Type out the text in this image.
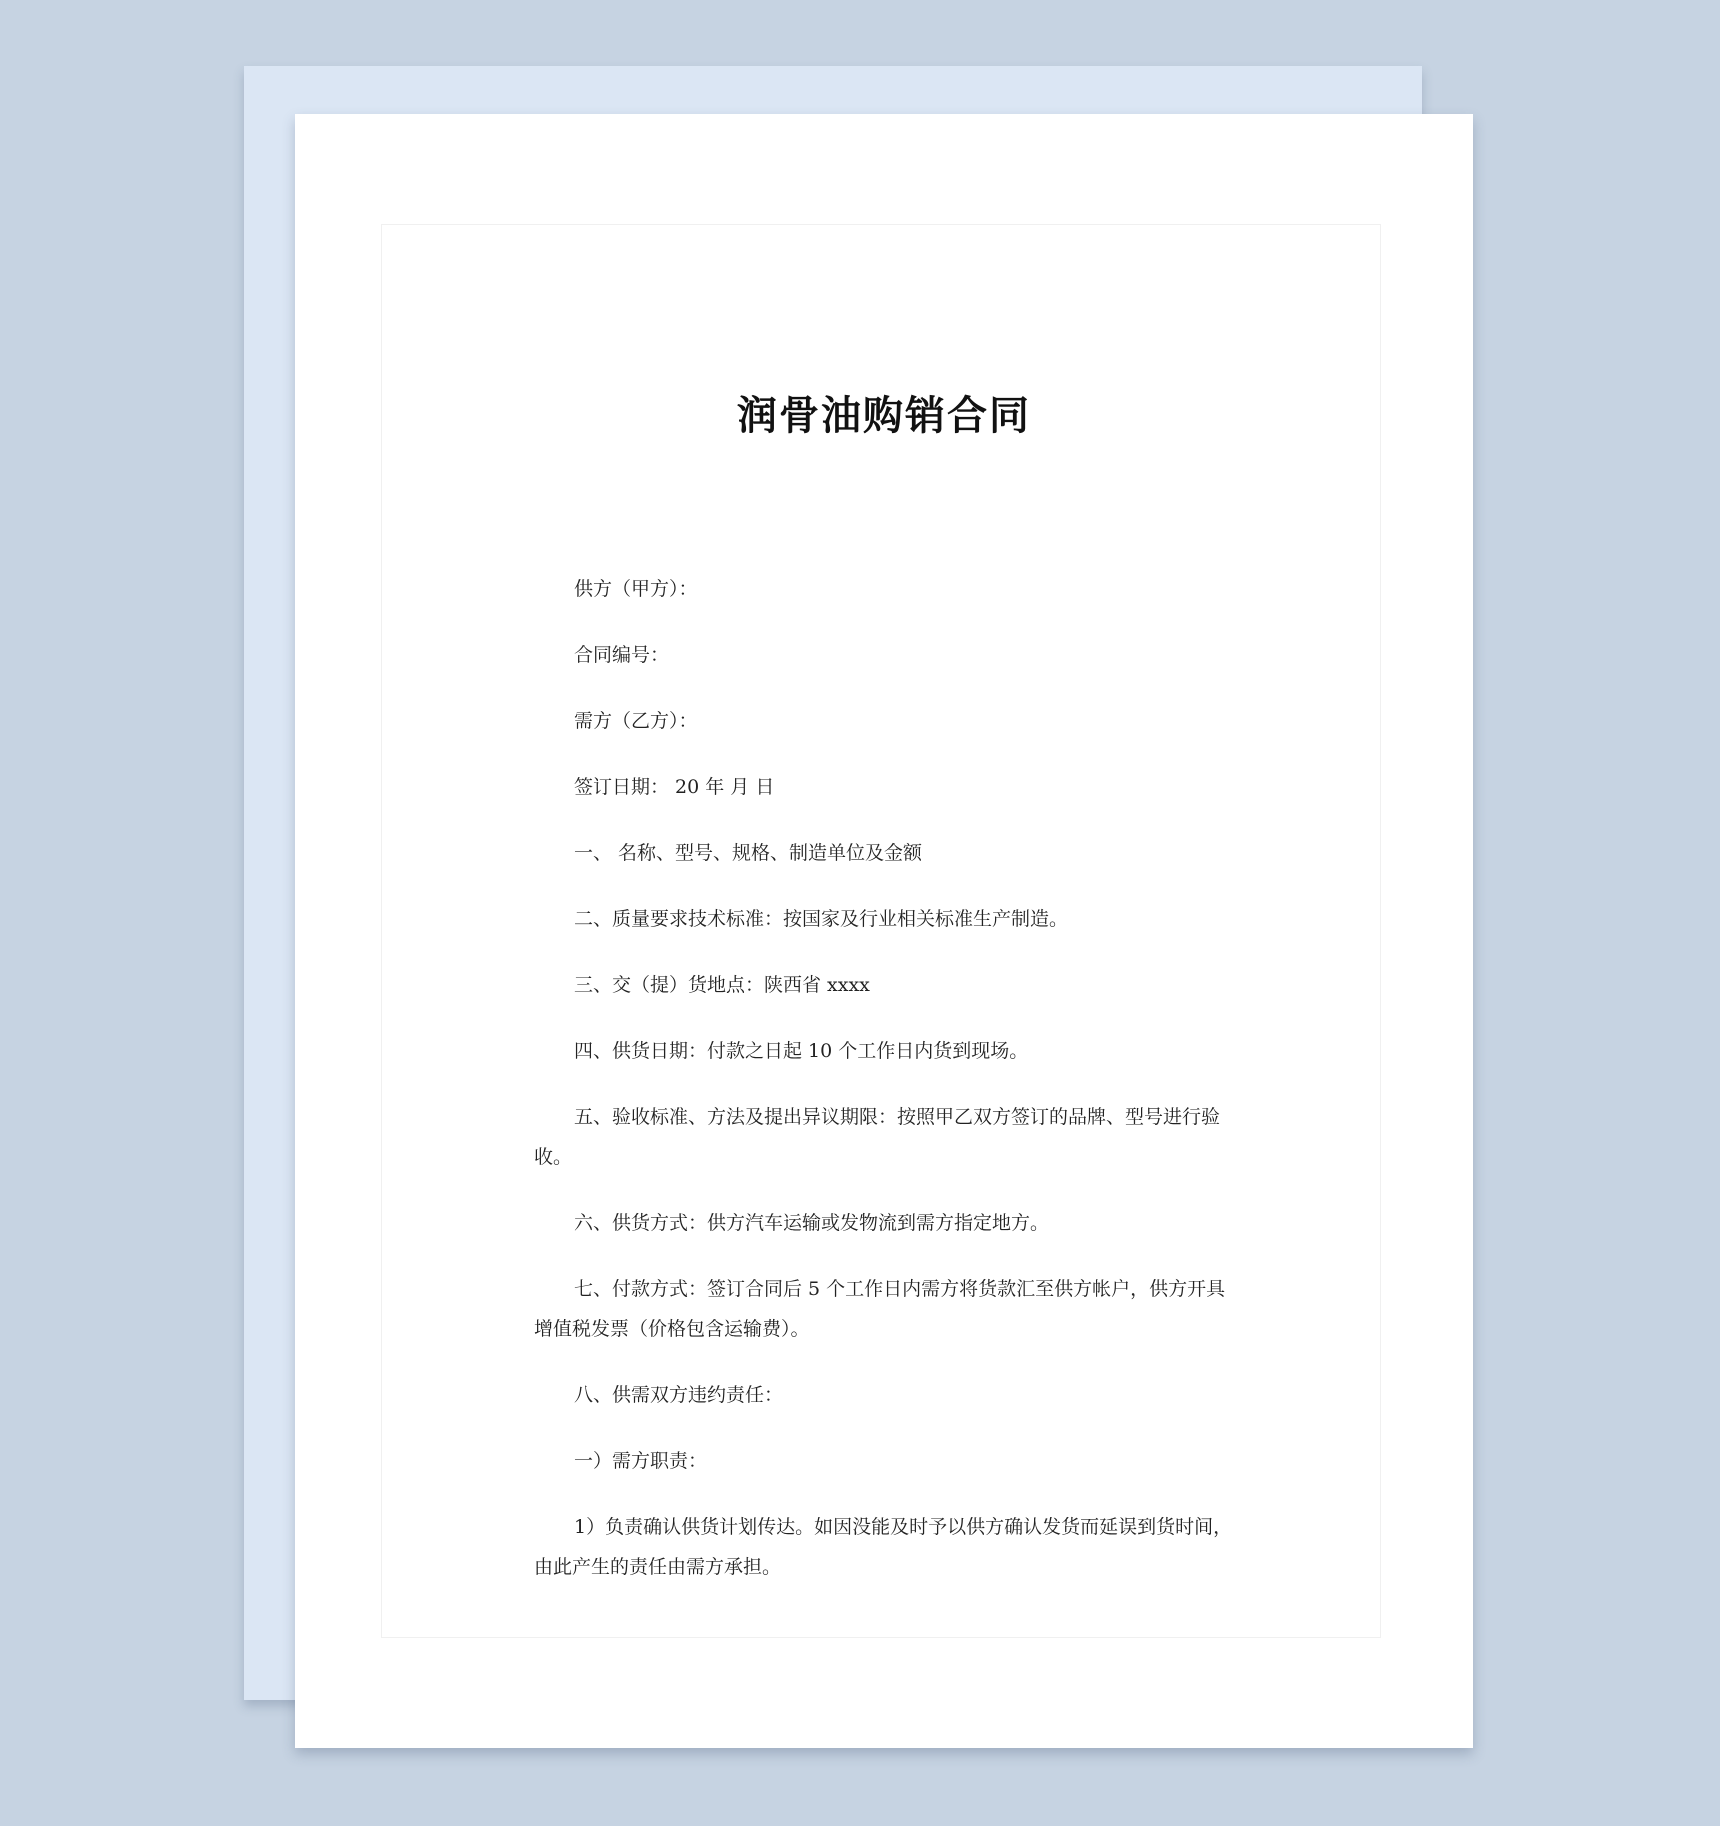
润骨油购销合同

供方（甲方）：

合同编号：

需方（乙方）：

签订日期： 20 年 月 日

一、 名称、型号、规格、制造单位及金额

二、质量要求技术标准：按国家及行业相关标准生产制造。

三、交（提）货地点：陕西省 xxxx

四、供货日期：付款之日起 10 个工作日内货到现场。

五、验收标准、方法及提出异议期限：按照甲乙双方签订的品牌、型号进行验收。

六、供货方式：供方汽车运输或发物流到需方指定地方。

七、付款方式：签订合同后 5 个工作日内需方将货款汇至供方帐户，供方开具增值税发票（价格包含运输费）。

八、供需双方违约责任：

一）需方职责：

1）负责确认供货计划传达。如因没能及时予以供方确认发货而延误到货时间，由此产生的责任由需方承担。
